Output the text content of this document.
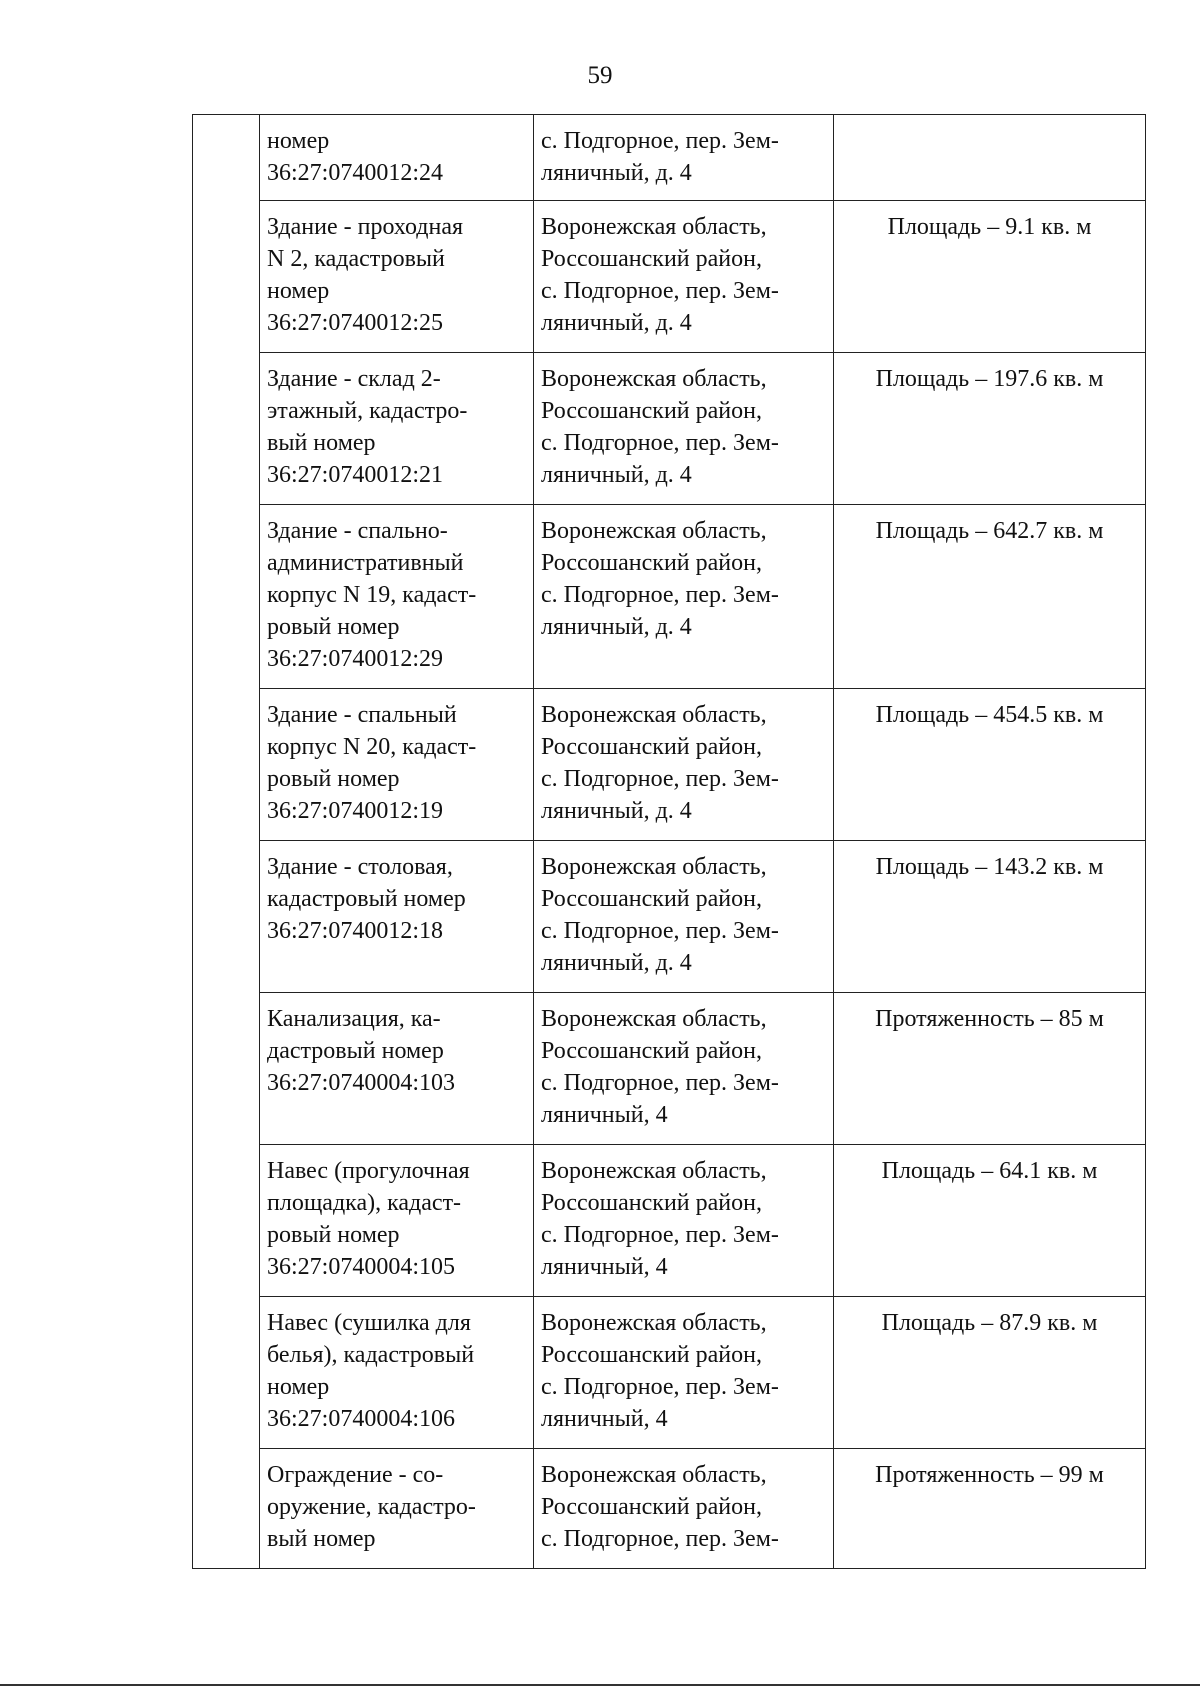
59
	номер
36:27:0740012:24	с. Подгорное, пер. Зем-
ляничный, д. 4	
	Здание - проходная
N 2, кадастровый
номер
36:27:0740012:25	Воронежская область,
Россошанский район,
с. Подгорное, пер. Зем-
ляничный, д. 4	Площадь – 9.1 кв. м
	Здание - склад 2-
этажный, кадастро-
вый номер
36:27:0740012:21	Воронежская область,
Россошанский район,
с. Подгорное, пер. Зем-
ляничный, д. 4	Площадь – 197.6 кв. м
	Здание - спально-
административный
корпус N 19, кадаст-
ровый номер
36:27:0740012:29	Воронежская область,
Россошанский район,
с. Подгорное, пер. Зем-
ляничный, д. 4	Площадь – 642.7 кв. м
	Здание - спальный
корпус N 20, кадаст-
ровый номер
36:27:0740012:19	Воронежская область,
Россошанский район,
с. Подгорное, пер. Зем-
ляничный, д. 4	Площадь – 454.5 кв. м
	Здание - столовая,
кадастровый номер
36:27:0740012:18	Воронежская область,
Россошанский район,
с. Подгорное, пер. Зем-
ляничный, д. 4	Площадь – 143.2 кв. м
	Канализация, ка-
дастровый номер
36:27:0740004:103	Воронежская область,
Россошанский район,
с. Подгорное, пер. Зем-
ляничный, 4	Протяженность – 85 м
	Навес (прогулочная
площадка), кадаст-
ровый номер
36:27:0740004:105	Воронежская область,
Россошанский район,
с. Подгорное, пер. Зем-
ляничный, 4	Площадь – 64.1 кв. м
	Навес (сушилка для
белья), кадастровый
номер
36:27:0740004:106	Воронежская область,
Россошанский район,
с. Подгорное, пер. Зем-
ляничный, 4	Площадь – 87.9 кв. м
	Ограждение - со-
оружение, кадастро-
вый номер	Воронежская область,
Россошанский район,
с. Подгорное, пер. Зем-	Протяженность – 99 м
